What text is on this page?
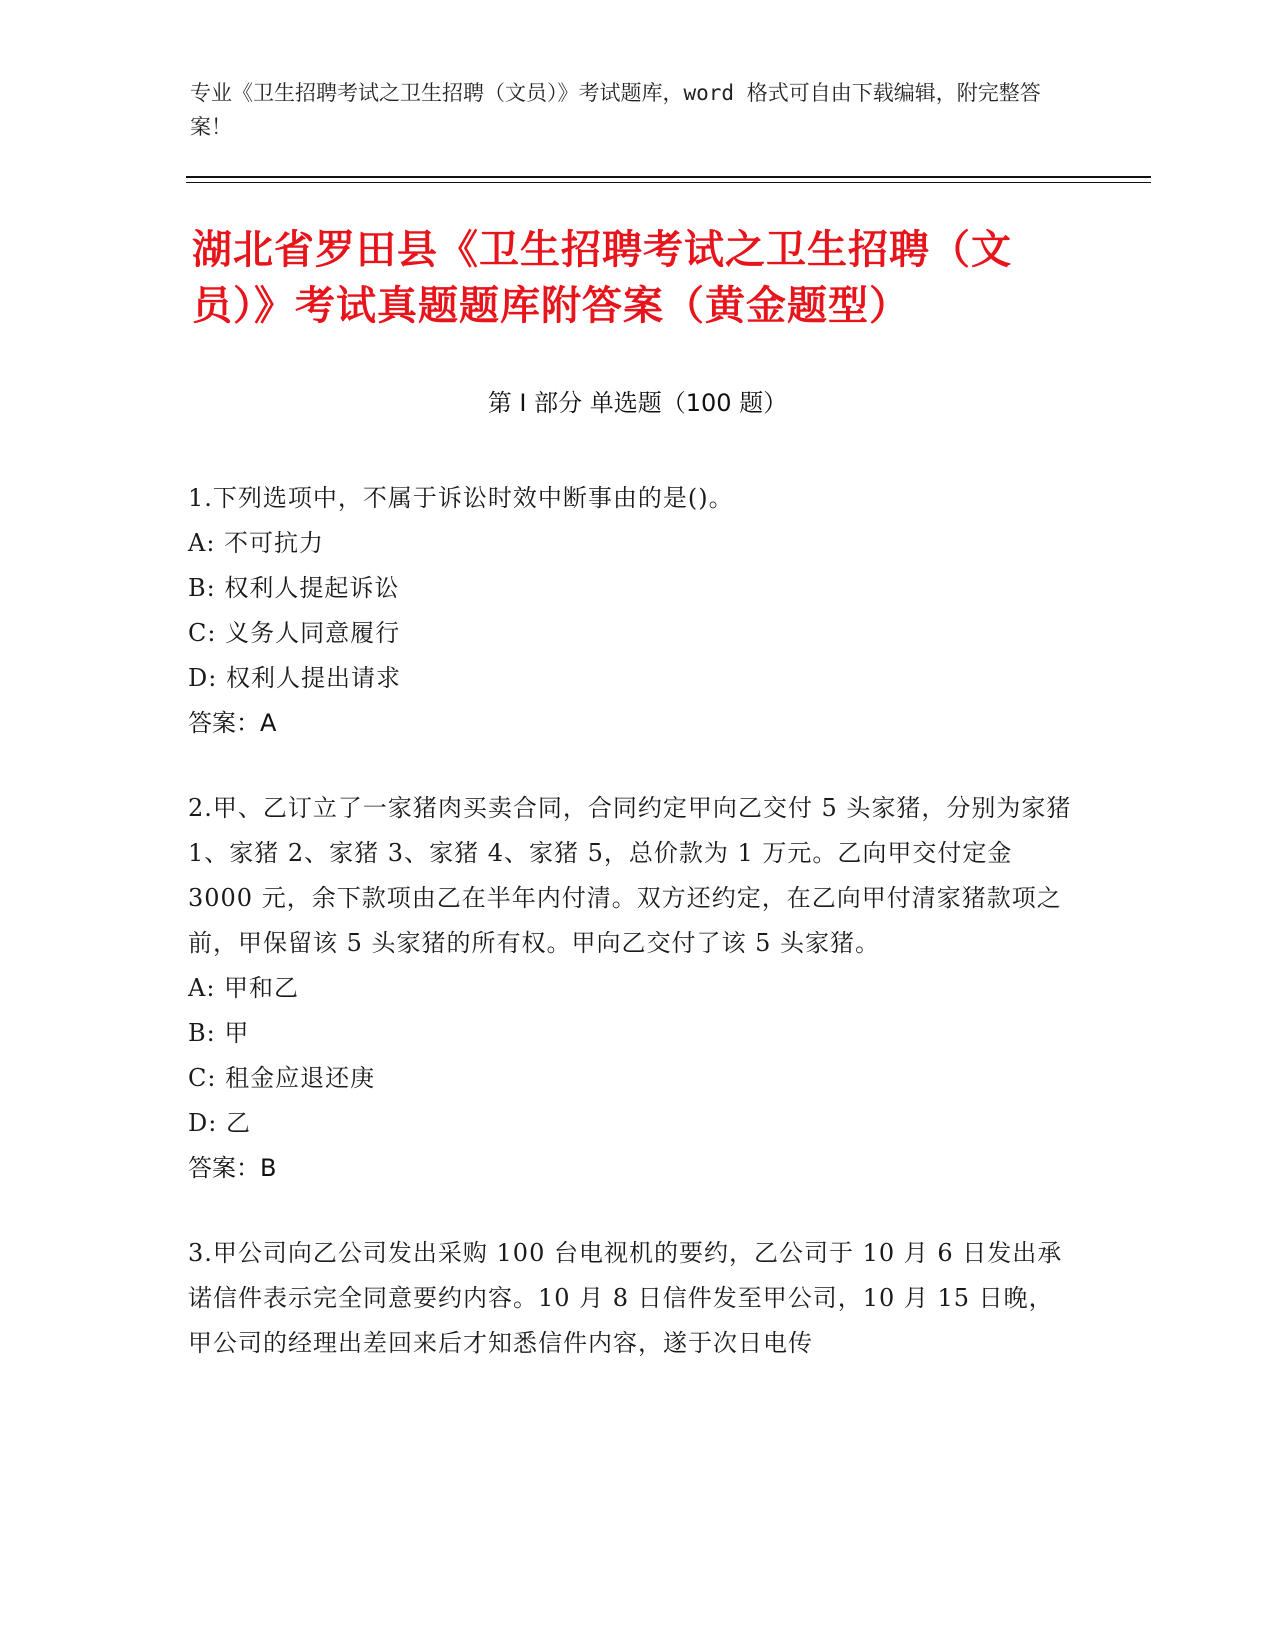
专业《卫生招聘考试之卫生招聘（文员）》考试题库，word 格式可自由下载编辑，附完整答案！
湖北省罗田县《卫生招聘考试之卫生招聘（文员）》考试真题题库附答案（黄金题型）
第 I 部分 单选题（100 题）
1.下列选项中，不属于诉讼时效中断事由的是()。
A: 不可抗力
B: 权利人提起诉讼
C: 义务人同意履行
D: 权利人提出请求
答案：A
2.甲、乙订立了一家猪肉买卖合同，合同约定甲向乙交付 5 头家猪，分别为家猪 1、家猪 2、家猪 3、家猪 4、家猪 5，总价款为 1 万元。乙向甲交付定金 3000 元，余下款项由乙在半年内付清。双方还约定，在乙向甲付清家猪款项之前，甲保留该 5 头家猪的所有权。甲向乙交付了该 5 头家猪。
A: 甲和乙
B: 甲
C: 租金应退还庚
D: 乙
答案：B
3.甲公司向乙公司发出采购 100 台电视机的要约，乙公司于 10 月 6 日发出承诺信件表示完全同意要约内容。10 月 8 日信件发至甲公司，10 月 15 日晚，甲公司的经理出差回来后才知悉信件内容，遂于次日电传
